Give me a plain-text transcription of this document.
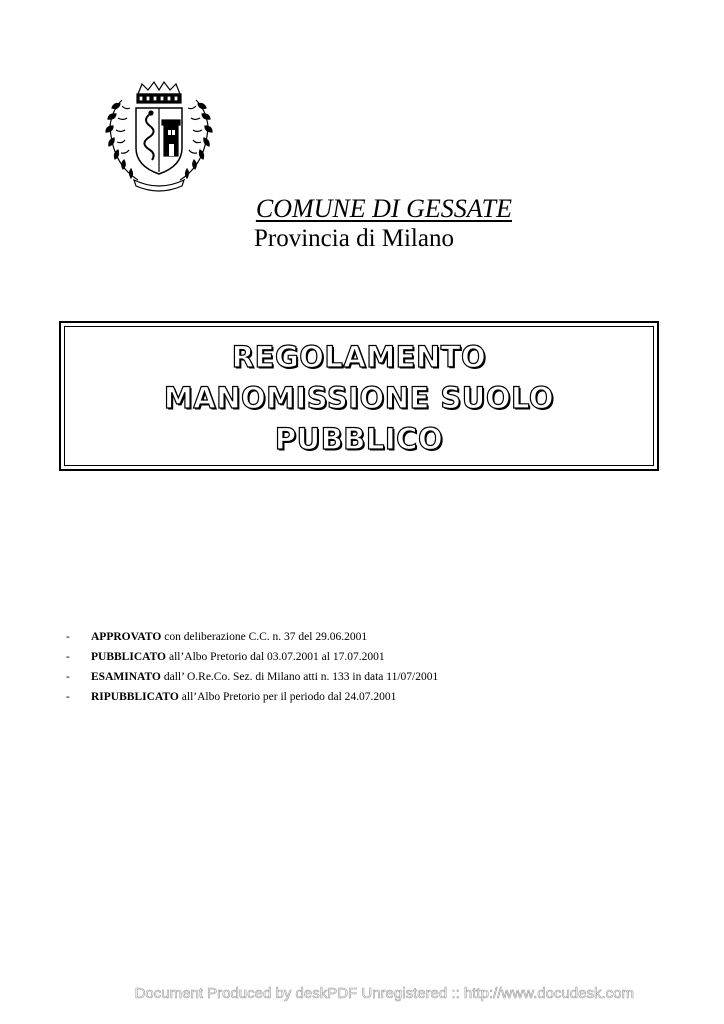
COMUNE DI GESSATE
Provincia di Milano
REGOLAMENTO
MANOMISSIONE SUOLO
PUBBLICO
-	APPROVATO con deliberazione C.C. n. 37 del 29.06.2001
-	PUBBLICATO all’Albo Pretorio dal 03.07.2001 al 17.07.2001
-	ESAMINATO dall’ O.Re.Co. Sez. di Milano atti n. 133 in data 11/07/2001
-	RIPUBBLICATO all’Albo Pretorio per il periodo dal 24.07.2001
Document Produced by deskPDF Unregistered :: http://www.docudesk.com
